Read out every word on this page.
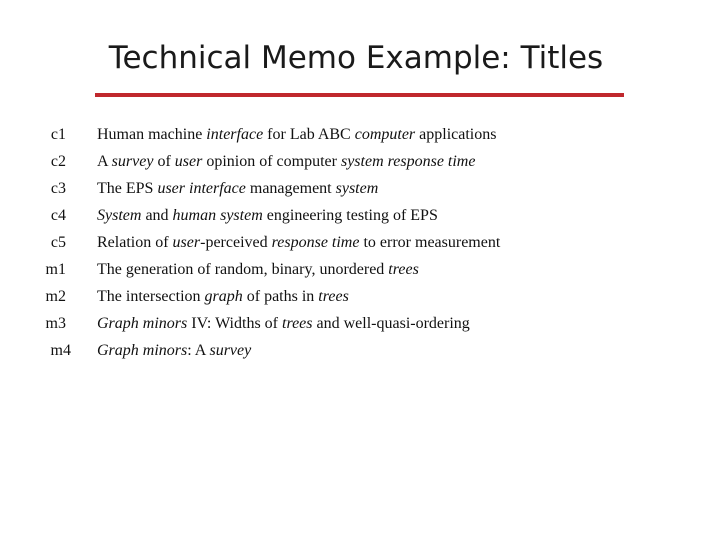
Technical Memo Example: Titles
c1 Human machine interface for Lab ABC computer applications
c2 A survey of user opinion of computer system response time
c3 The EPS user interface management system
c4 System and human system engineering testing of EPS
c5 Relation of user-perceived response time to error measurement
m1 The generation of random, binary, unordered trees
m2 The intersection graph of paths in trees
m3 Graph minors IV: Widths of trees and well-quasi-ordering
m4 Graph minors: A survey
